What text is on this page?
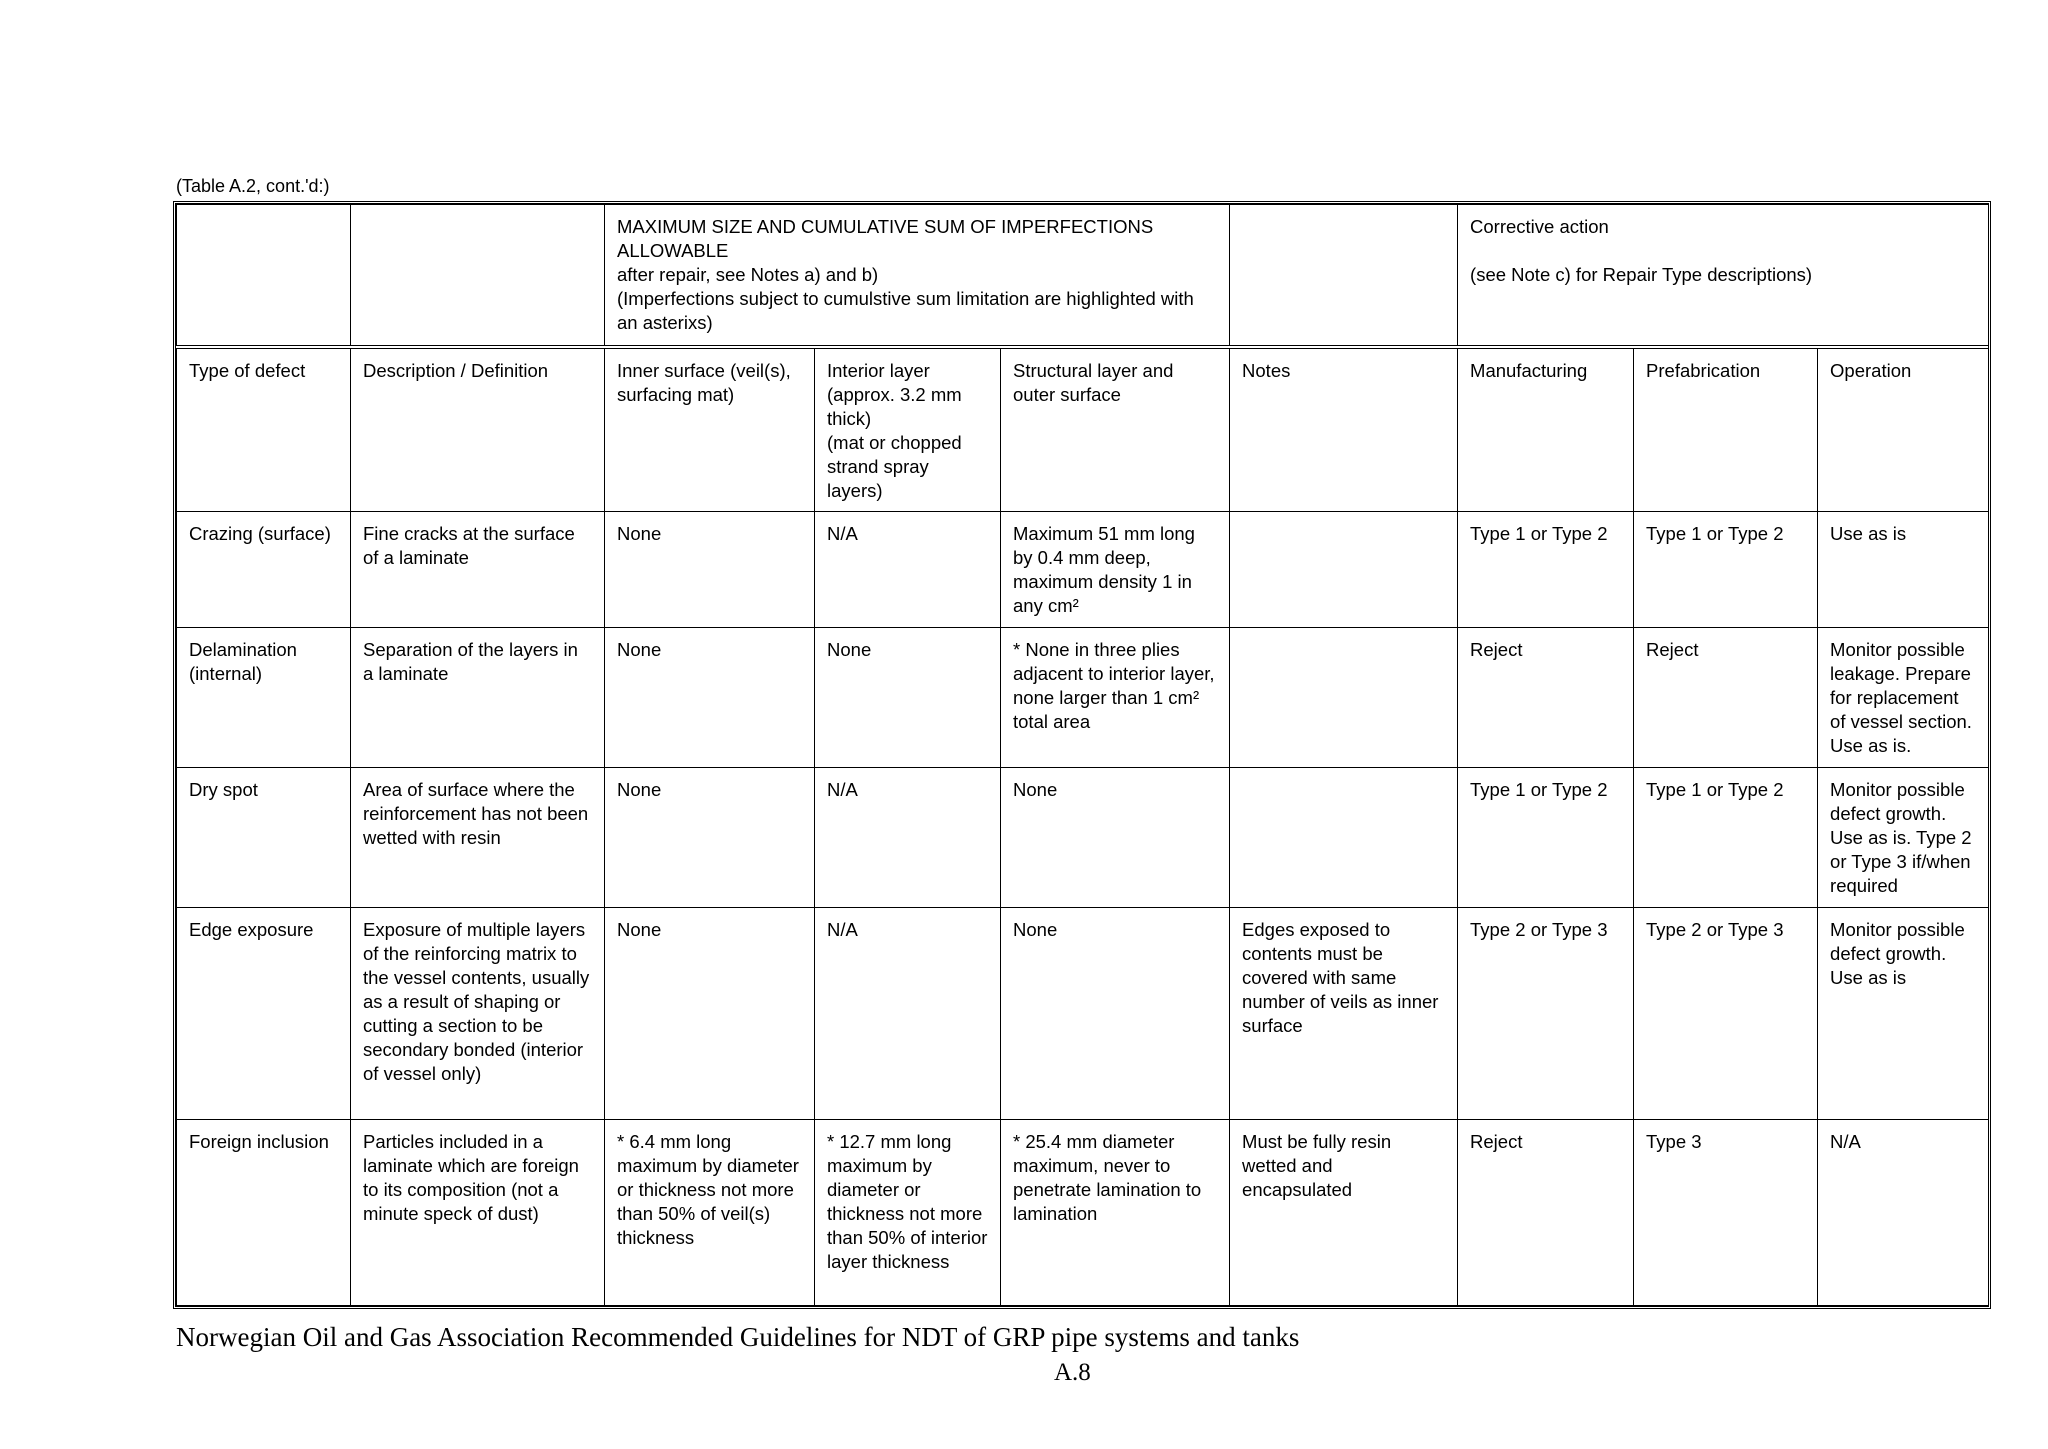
(Table A.2, cont.'d:)
		MAXIMUM SIZE AND CUMULATIVE SUM OF IMPERFECTIONS ALLOWABLE
after repair, see Notes a) and b)
(Imperfections subject to cumulstive sum limitation are highlighted with an asterixs)				Corrective action

(see Note c) for Repair Type descriptions)		
Type of defect	Description / Definition	Inner surface (veil(s), surfacing mat)	Interior layer (approx. 3.2 mm thick)
(mat or chopped strand spray layers)	Structural layer and outer surface	Notes	Manufacturing	Prefabrication	Operation
Crazing (surface)	Fine cracks at the surface of a laminate	None	N/A	Maximum 51 mm long by 0.4 mm deep, maximum density 1 in any cm²		Type 1 or Type 2	Type 1 or Type 2	Use as is
Delamination (internal)	Separation of the layers in a laminate	None	None	* None in three plies adjacent to interior layer, none larger than 1 cm² total area		Reject	Reject	Monitor possible leakage. Prepare for replacement of vessel section. Use as is.
Dry spot	Area of surface where the reinforcement has not been wetted with resin	None	N/A	None		Type 1 or Type 2	Type 1 or Type 2	Monitor possible defect growth. Use as is. Type 2 or Type 3 if/when required
Edge exposure	Exposure of multiple layers of the reinforcing matrix to the vessel contents, usually as a result of shaping or cutting a section to be secondary bonded (interior of vessel only)	None	N/A	None	Edges exposed to contents must be covered with same number of veils as inner surface	Type 2 or Type 3	Type 2 or Type 3	Monitor possible defect growth. Use as is
Foreign inclusion	Particles included in a laminate which are foreign to its composition (not a minute speck of dust)	* 6.4 mm long maximum by diameter or thickness not more than 50% of veil(s) thickness	* 12.7 mm long maximum by diameter or thickness not more than 50% of interior layer thickness	* 25.4 mm diameter maximum, never to penetrate lamination to lamination	Must be fully resin wetted and encapsulated	Reject	Type 3	N/A
Norwegian Oil and Gas Association Recommended Guidelines for NDT of GRP pipe systems and tanks
A.8
